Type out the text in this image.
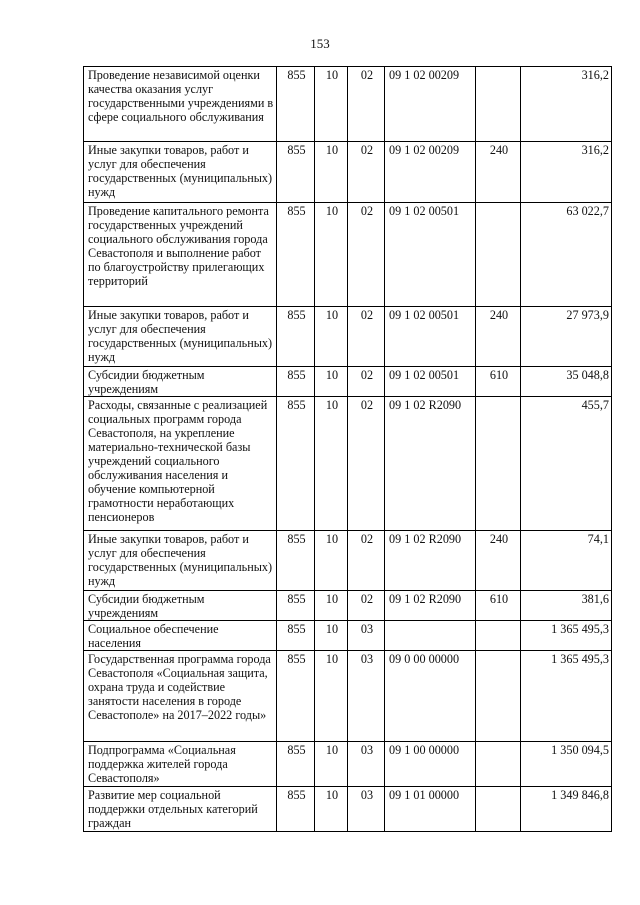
153
Проведение независимой оценки качества оказания услуг государственными учреждениями в сфере социального обслуживания	855	10	02	09 1 02 00209		316,2
Иные закупки товаров, работ и услуг для обеспечения государственных (муниципальных) нужд	855	10	02	09 1 02 00209	240	316,2
Проведение капитального ремонта государственных учреждений социального обслуживания города Севастополя и выполнение работ по благоустройству прилегающих территорий	855	10	02	09 1 02 00501		63 022,7
Иные закупки товаров, работ и услуг для обеспечения государственных (муниципальных) нужд	855	10	02	09 1 02 00501	240	27 973,9
Субсидии бюджетным учреждениям	855	10	02	09 1 02 00501	610	35 048,8
Расходы, связанные с реализацией социальных программ города Севастополя, на укрепление материально-технической базы учреждений социального обслуживания населения и обучение компьютерной грамотности неработающих пенсионеров	855	10	02	09 1 02 R2090		455,7
Иные закупки товаров, работ и услуг для обеспечения государственных (муниципальных) нужд	855	10	02	09 1 02 R2090	240	74,1
Субсидии бюджетным учреждениям	855	10	02	09 1 02 R2090	610	381,6
Социальное обеспечение населения	855	10	03			1 365 495,3
Государственная программа города Севастополя «Социальная защита, охрана труда и содействие занятости населения в городе Севастополе» на 2017–2022 годы»	855	10	03	09 0 00 00000		1 365 495,3
Подпрограмма «Социальная поддержка жителей города Севастополя»	855	10	03	09 1 00 00000		1 350 094,5
Развитие мер социальной поддержки отдельных категорий граждан	855	10	03	09 1 01 00000		1 349 846,8
